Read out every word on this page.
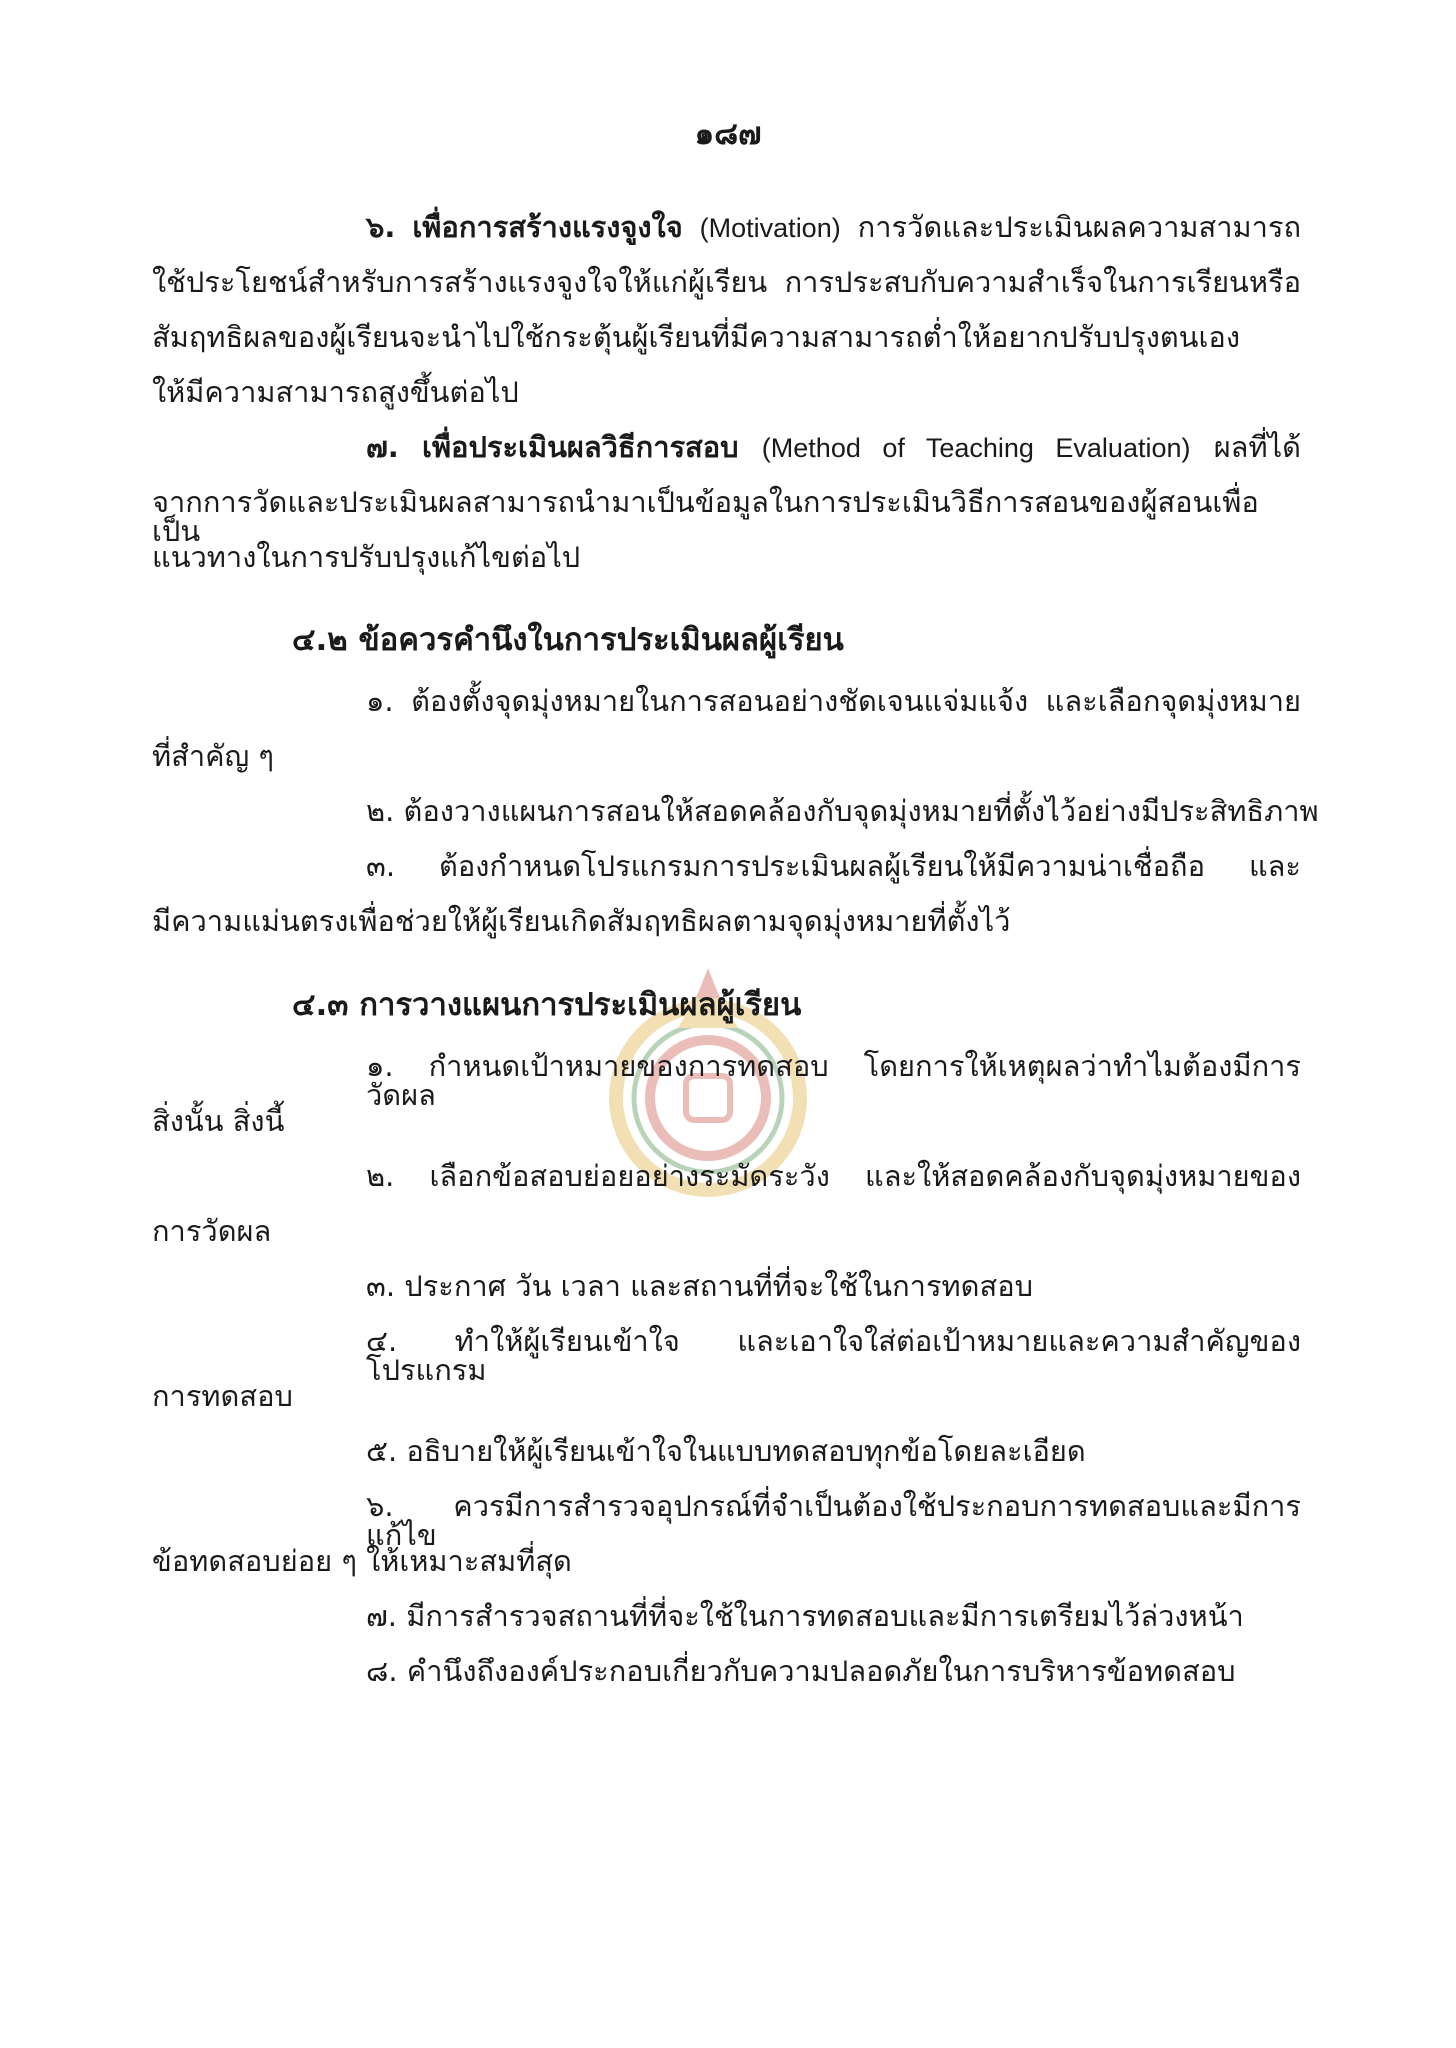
๑๘๗
๖. เพื่อการสร้างแรงจูงใจ (Motivation) การวัดและประเมินผลความสามารถ
ใช้ประโยชน์สำหรับการสร้างแรงจูงใจให้แก่ผู้เรียน การประสบกับความสำเร็จในการเรียนหรือ
สัมฤทธิผลของผู้เรียนจะนำไปใช้กระตุ้นผู้เรียนที่มีความสามารถต่ำให้อยากปรับปรุงตนเอง
ให้มีความสามารถสูงขึ้นต่อไป
๗. เพื่อประเมินผลวิธีการสอบ (Method of Teaching Evaluation) ผลที่ได้
จากการวัดและประเมินผลสามารถนำมาเป็นข้อมูลในการประเมินวิธีการสอนของผู้สอนเพื่อเป็น
แนวทางในการปรับปรุงแก้ไขต่อไป
๔.๒ ข้อควรคำนึงในการประเมินผลผู้เรียน
๑. ต้องตั้งจุดมุ่งหมายในการสอนอย่างชัดเจนแจ่มแจ้ง และเลือกจุดมุ่งหมาย
ที่สำคัญ ๆ
๒. ต้องวางแผนการสอนให้สอดคล้องกับจุดมุ่งหมายที่ตั้งไว้อย่างมีประสิทธิภาพ
๓. ต้องกำหนดโปรแกรมการประเมินผลผู้เรียนให้มีความน่าเชื่อถือ และ
มีความแม่นตรงเพื่อช่วยให้ผู้เรียนเกิดสัมฤทธิผลตามจุดมุ่งหมายที่ตั้งไว้
๔.๓ การวางแผนการประเมินผลผู้เรียน
๑. กำหนดเป้าหมายของการทดสอบ โดยการให้เหตุผลว่าทำไมต้องมีการวัดผล
สิ่งนั้น สิ่งนี้
๒. เลือกข้อสอบย่อยอย่างระมัดระวัง และให้สอดคล้องกับจุดมุ่งหมายของ
การวัดผล
๓. ประกาศ วัน เวลา และสถานที่ที่จะใช้ในการทดสอบ
๔. ทำให้ผู้เรียนเข้าใจ และเอาใจใส่ต่อเป้าหมายและความสำคัญของโปรแกรม
การทดสอบ
๕. อธิบายให้ผู้เรียนเข้าใจในแบบทดสอบทุกข้อโดยละเอียด
๖. ควรมีการสำรวจอุปกรณ์ที่จำเป็นต้องใช้ประกอบการทดสอบและมีการแก้ไข
ข้อทดสอบย่อย ๆ ให้เหมาะสมที่สุด
๗. มีการสำรวจสถานที่ที่จะใช้ในการทดสอบและมีการเตรียมไว้ล่วงหน้า
๘. คำนึงถึงองค์ประกอบเกี่ยวกับความปลอดภัยในการบริหารข้อทดสอบ
